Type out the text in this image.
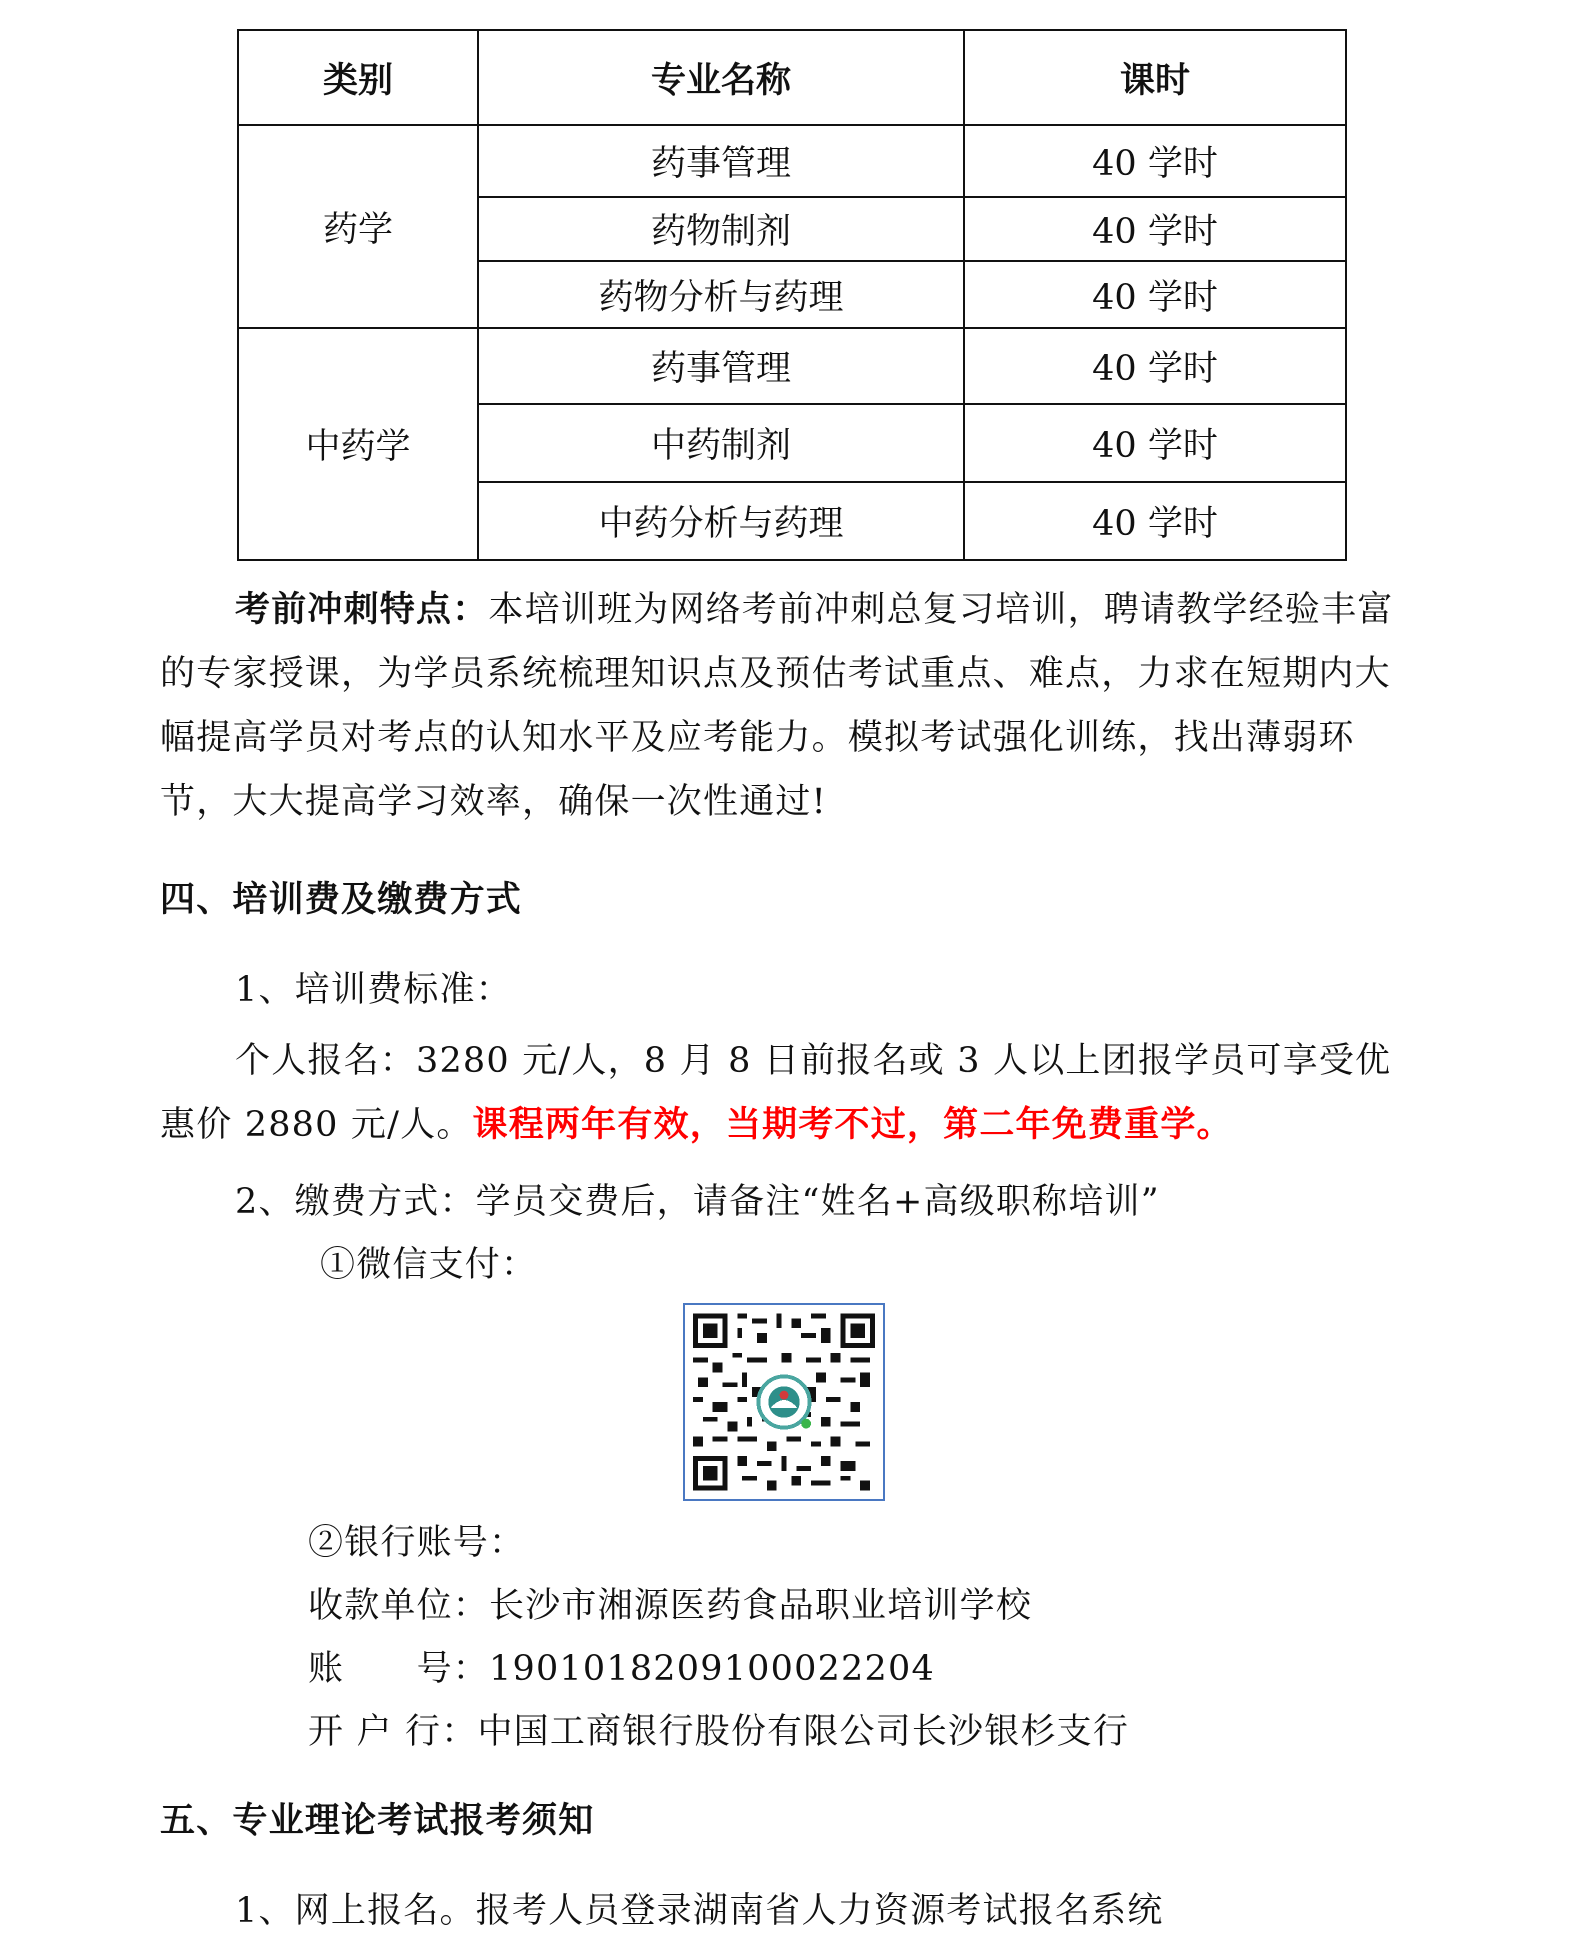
类别	专业名称	课时
药学	药事管理	40 学时
	药物制剂	40 学时
	药物分析与药理	40 学时
中药学	药事管理	40 学时
	中药制剂	40 学时
	中药分析与药理	40 学时
考前冲刺特点：本培训班为网络考前冲刺总复习培训，聘请教学经验丰富的专家授课，为学员系统梳理知识点及预估考试重点、难点，力求在短期内大幅提高学员对考点的认知水平及应考能力。模拟考试强化训练，找出薄弱环节，大大提高学习效率，确保一次性通过!
四、培训费及缴费方式
1、培训费标准：
个人报名：3280 元/人，8 月 8 日前报名或 3 人以上团报学员可享受优惠价 2880 元/人。课程两年有效，当期考不过，第二年免费重学。
2、缴费方式：学员交费后，请备注“姓名+高级职称培训”
①微信支付：
②银行账号：
收款单位：长沙市湘源医药食品职业培训学校
账　　号：1901018209100022204
开 户 行：中国工商银行股份有限公司长沙银杉支行
五、专业理论考试报考须知
1、网上报名。报考人员登录湖南省人力资源考试报名系统
